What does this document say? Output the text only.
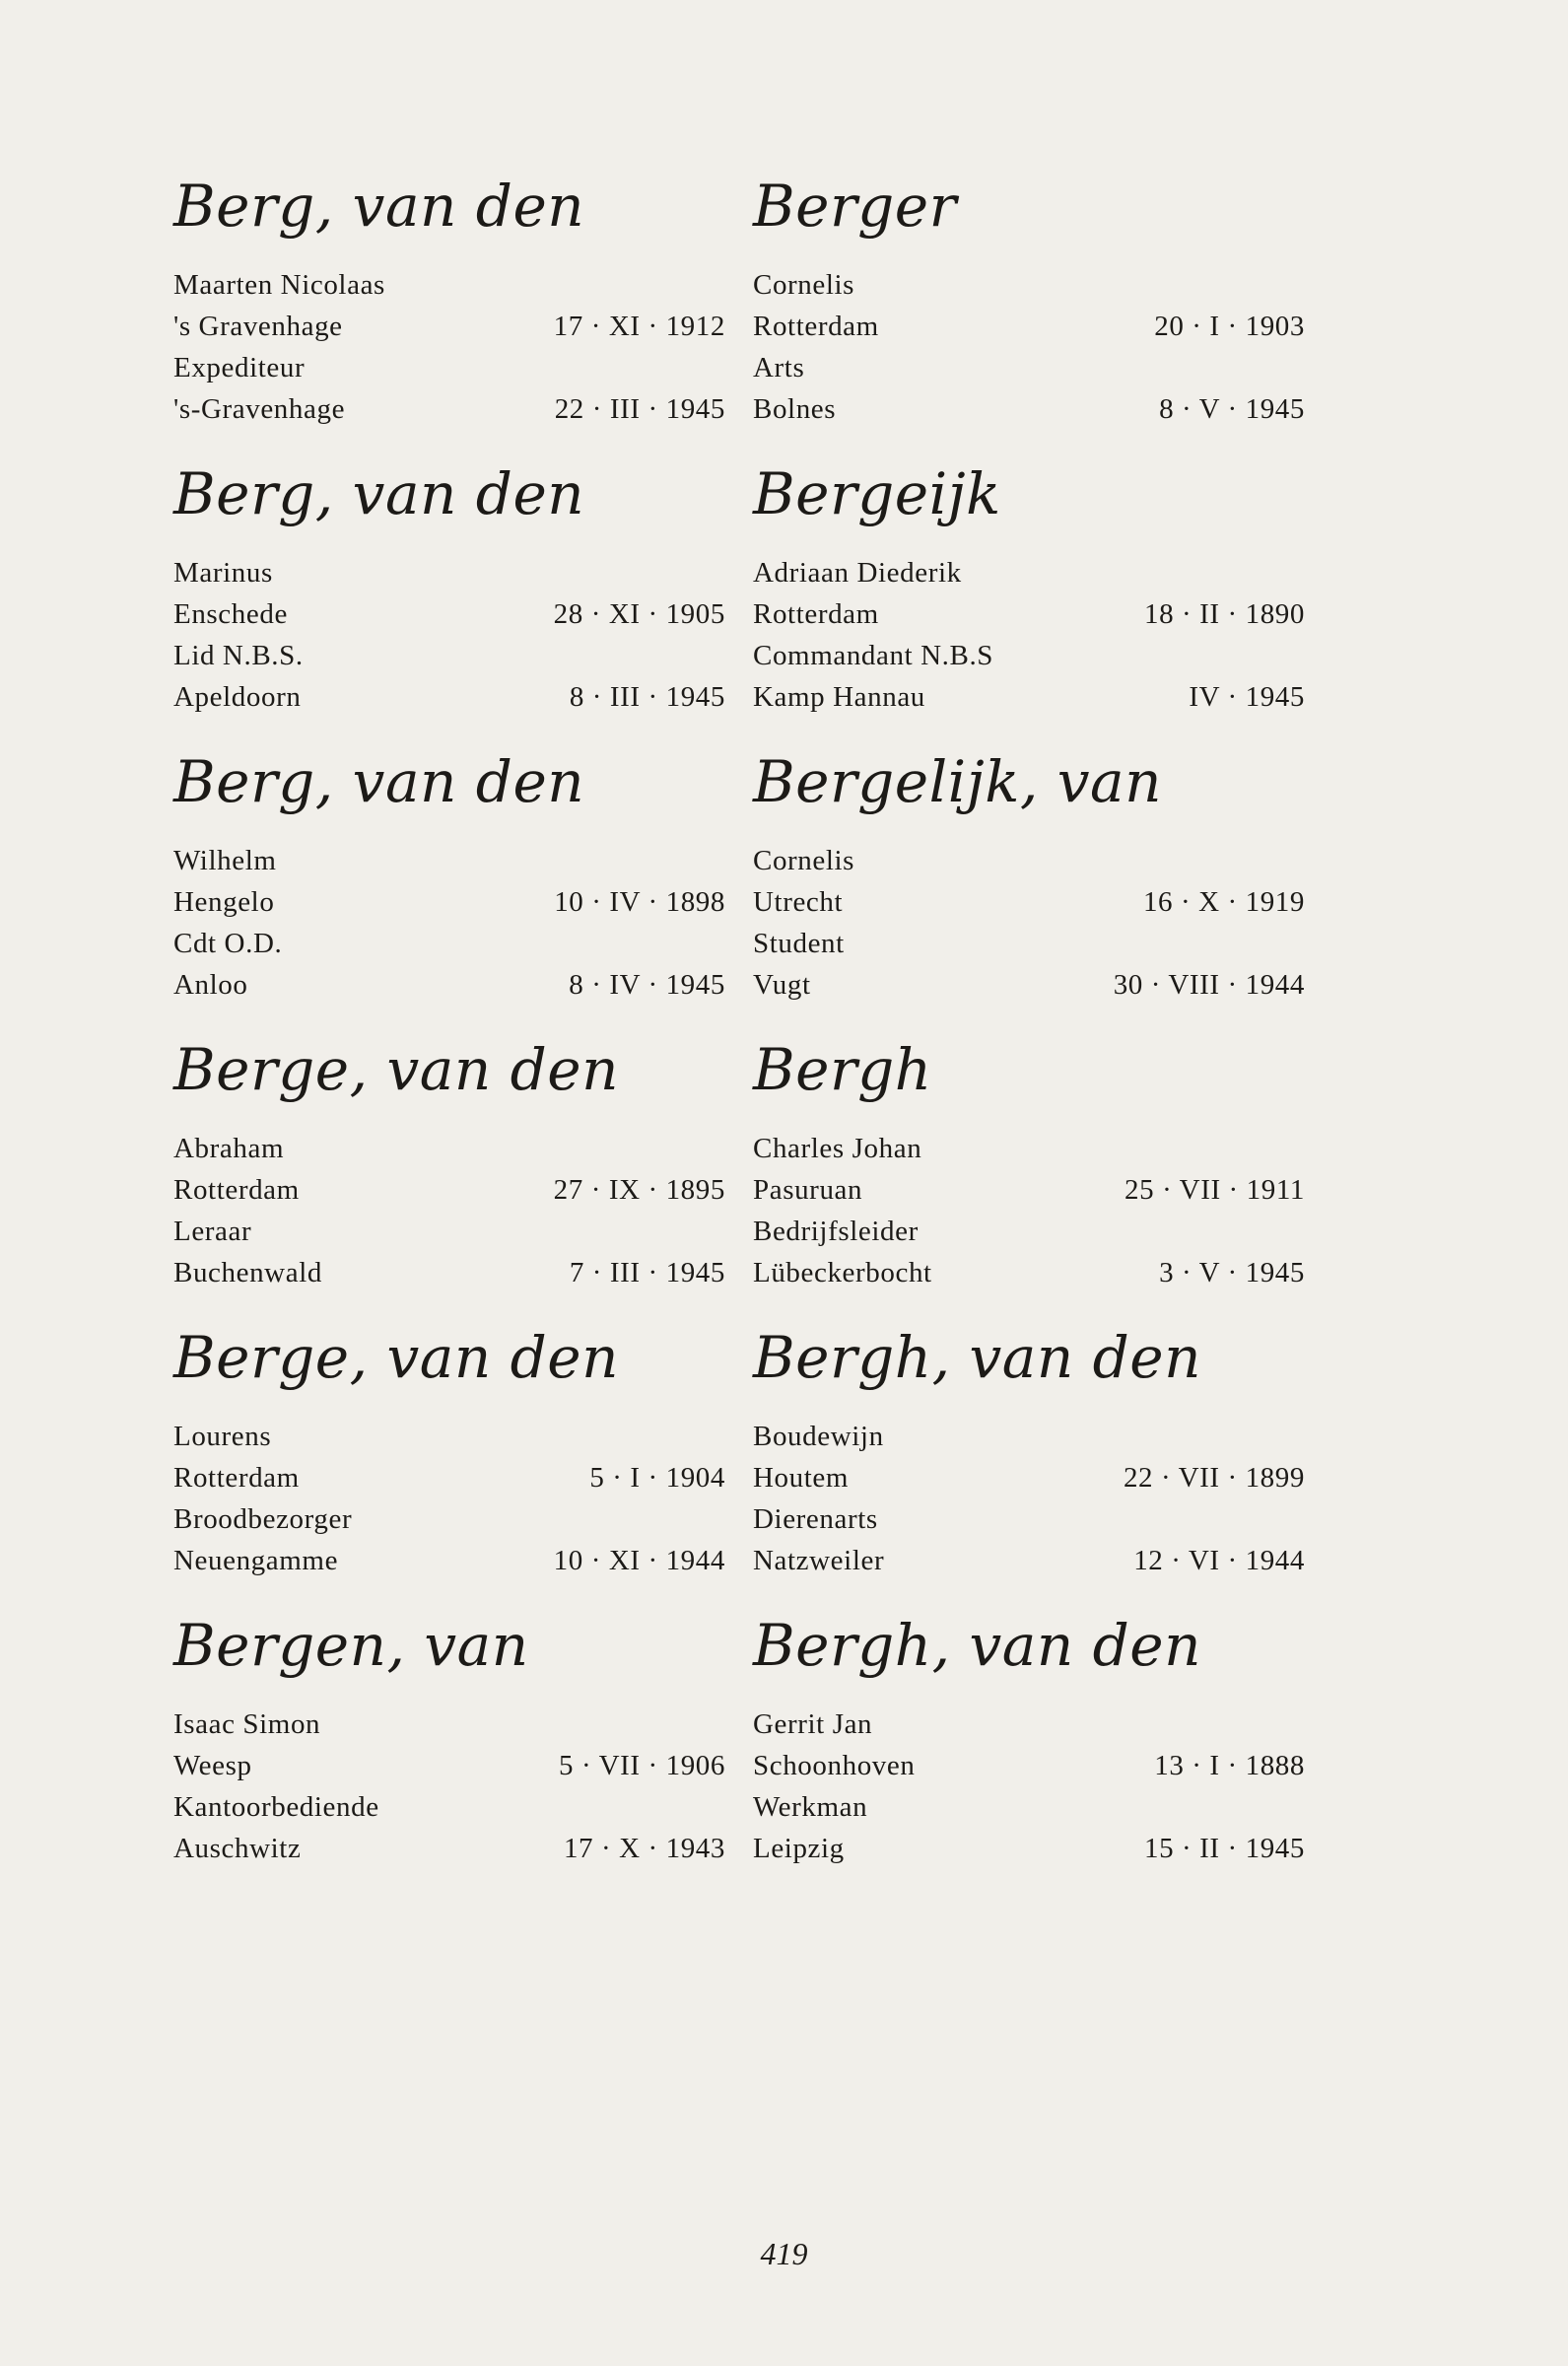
Berg, van den
Maarten Nicolaas
's Gravenhage	17 · XI · 1912
Expediteur
's-Gravenhage	22 · III · 1945
Berg, van den
Marinus
Enschede	28 · XI · 1905
Lid N.B.S.
Apeldoorn	8 · III · 1945
Berg, van den
Wilhelm
Hengelo	10 · IV · 1898
Cdt O.D.
Anloo	8 · IV · 1945
Berge, van den
Abraham
Rotterdam	27 · IX · 1895
Leraar
Buchenwald	7 · III · 1945
Berge, van den
Lourens
Rotterdam	5 · I · 1904
Broodbezorger
Neuengamme	10 · XI · 1944
Bergen, van
Isaac Simon
Weesp	5 · VII · 1906
Kantoorbediende
Auschwitz	17 · X · 1943
Berger
Cornelis
Rotterdam	20 · I · 1903
Arts
Bolnes	8 · V · 1945
Bergeijk
Adriaan Diederik
Rotterdam	18 · II · 1890
Commandant N.B.S
Kamp Hannau	IV · 1945
Bergelijk, van
Cornelis
Utrecht	16 · X · 1919
Student
Vugt	30 · VIII · 1944
Bergh
Charles Johan
Pasuruan	25 · VII · 1911
Bedrijfsleider
Lübeckerbocht	3 · V · 1945
Bergh, van den
Boudewijn
Houtem	22 · VII · 1899
Dierenarts
Natzweiler	12 · VI · 1944
Bergh, van den
Gerrit Jan
Schoonhoven	13 · I · 1888
Werkman
Leipzig	15 · II · 1945
419
